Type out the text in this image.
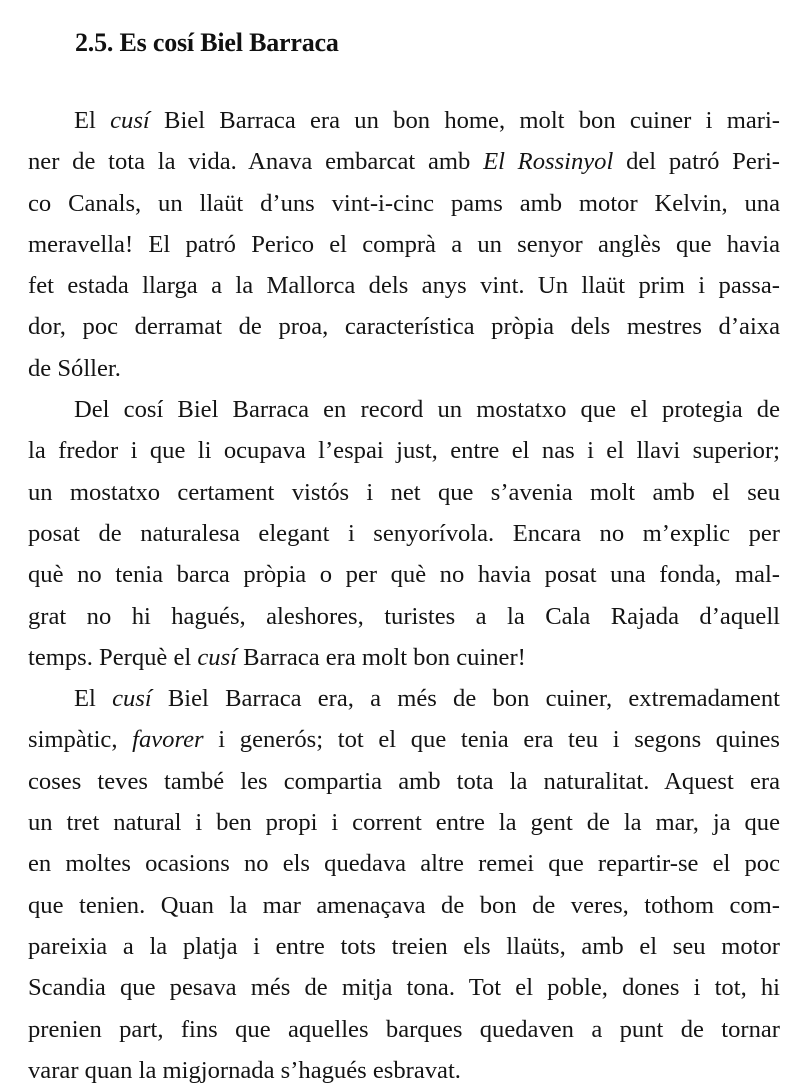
2.5. Es cosí Biel Barraca
El cusí Biel Barraca era un bon home, molt bon cuiner i mari-
ner de tota la vida. Anava embarcat amb El Rossinyol del patró Peri-
co Canals, un llaüt d’uns vint-i-cinc pams amb motor Kelvin, una
meravella! El patró Perico el comprà a un senyor anglès que havia
fet estada llarga a la Mallorca dels anys vint. Un llaüt prim i passa-
dor, poc derramat de proa, característica pròpia dels mestres d’aixa
de Sóller.
Del cosí Biel Barraca en record un mostatxo que el protegia de
la fredor i que li ocupava l’espai just, entre el nas i el llavi superior;
un mostatxo certament vistós i net que s’avenia molt amb el seu
posat de naturalesa elegant i senyorívola. Encara no m’explic per
què no tenia barca pròpia o per què no havia posat una fonda, mal-
grat no hi hagués, aleshores, turistes a la Cala Rajada d’aquell
temps. Perquè el cusí Barraca era molt bon cuiner!
El cusí Biel Barraca era, a més de bon cuiner, extremadament
simpàtic, favorer i generós; tot el que tenia era teu i segons quines
coses teves també les compartia amb tota la naturalitat. Aquest era
un tret natural i ben propi i corrent entre la gent de la mar, ja que
en moltes ocasions no els quedava altre remei que repartir-se el poc
que tenien. Quan la mar amenaçava de bon de veres, tothom com-
pareixia a la platja i entre tots treien els llaüts, amb el seu motor
Scandia que pesava més de mitja tona. Tot el poble, dones i tot, hi
prenien part, fins que aquelles barques quedaven a punt de tornar
varar quan la migjornada s’hagués esbravat.
